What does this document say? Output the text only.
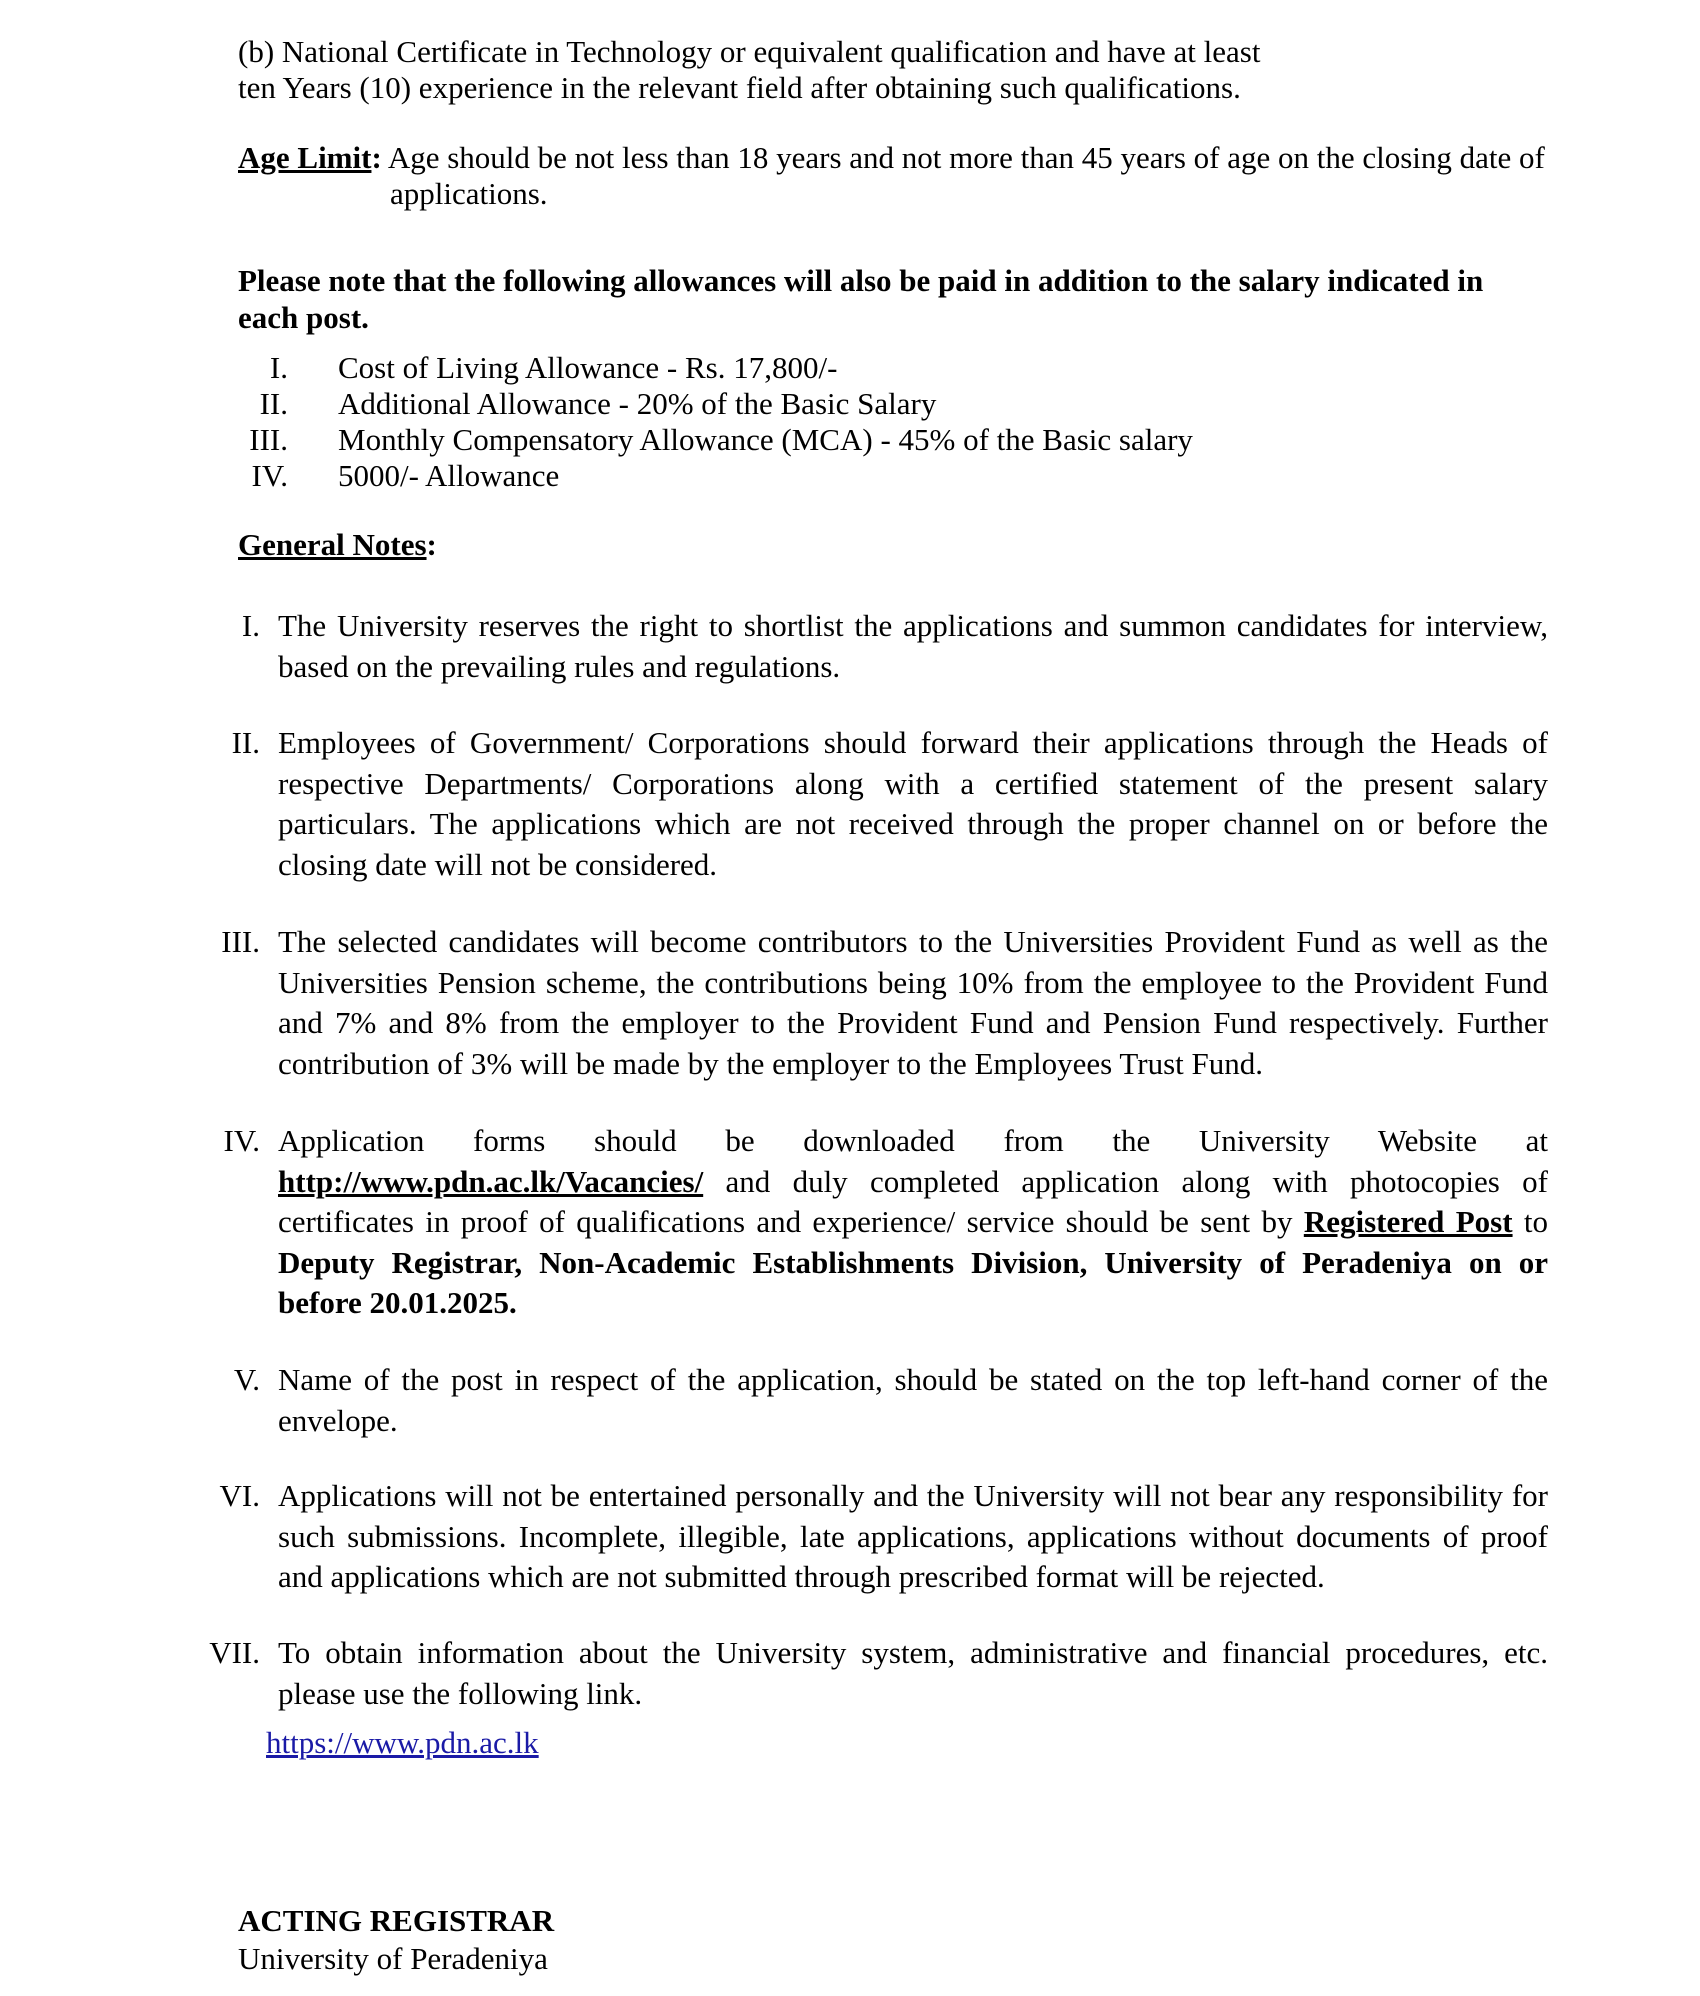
(b) National Certificate in Technology or equivalent qualification and have at least
ten Years (10) experience in the relevant field after obtaining such qualifications.
Age Limit: Age should be not less than 18 years and not more than 45 years of age on the closing date of
applications.
Please note that the following allowances will also be paid in addition to the salary indicated in each post.
I. Cost of Living Allowance - Rs. 17,800/-
II. Additional Allowance - 20% of the Basic Salary
III. Monthly Compensatory Allowance (MCA) - 45% of the Basic salary
IV. 5000/- Allowance
General Notes:
I. The University reserves the right to shortlist the applications and summon candidates for interview, based on the prevailing rules and regulations.
II. Employees of Government/ Corporations should forward their applications through the Heads of respective Departments/ Corporations along with a certified statement of the present salary particulars. The applications which are not received through the proper channel on or before the closing date will not be considered.
III. The selected candidates will become contributors to the Universities Provident Fund as well as the Universities Pension scheme, the contributions being 10% from the employee to the Provident Fund and 7% and 8% from the employer to the Provident Fund and Pension Fund respectively. Further contribution of 3% will be made by the employer to the Employees Trust Fund.
IV. Application forms should be downloaded from the University Website at http://www.pdn.ac.lk/Vacancies/ and duly completed application along with photocopies of certificates in proof of qualifications and experience/ service should be sent by Registered Post to Deputy Registrar, Non-Academic Establishments Division, University of Peradeniya on or before 20.01.2025.
V. Name of the post in respect of the application, should be stated on the top left-hand corner of the envelope.
VI. Applications will not be entertained personally and the University will not bear any responsibility for such submissions. Incomplete, illegible, late applications, applications without documents of proof and applications which are not submitted through prescribed format will be rejected.
VII. To obtain information about the University system, administrative and financial procedures, etc. please use the following link.
https://www.pdn.ac.lk
ACTING REGISTRAR
University of Peradeniya
